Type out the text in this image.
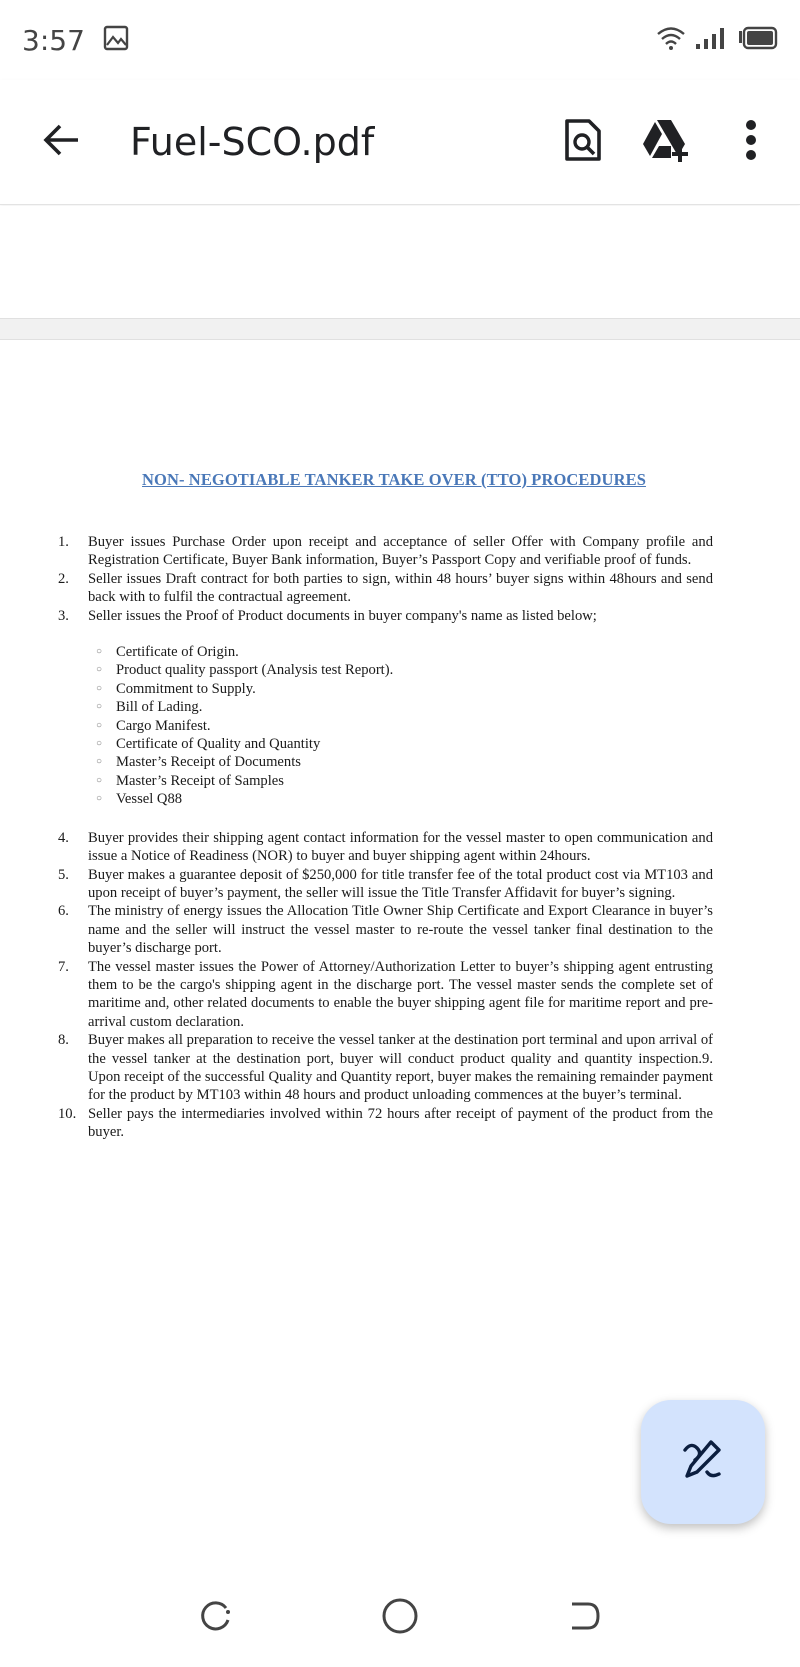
3:57
Fuel-SCO.pdf
NON- NEGOTIABLE TANKER TAKE OVER (TTO) PROCEDURES
1.	Buyer issues Purchase Order upon receipt and acceptance of seller Offer with Company profile and Registration Certificate, Buyer Bank information, Buyer’s Passport Copy and verifiable proof of funds.
2.	Seller issues Draft contract for both parties to sign, within 48 hours’ buyer signs within 48hours and send back with to fulfil the contractual agreement.
3.	Seller issues the Proof of Product documents in buyer company's name as listed below;
○ Certificate of Origin.
○ Product quality passport (Analysis test Report).
○ Commitment to Supply.
○ Bill of Lading.
○ Cargo Manifest.
○ Certificate of Quality and Quantity
○ Master’s Receipt of Documents
○ Master’s Receipt of Samples
○ Vessel Q88
4.	Buyer provides their shipping agent contact information for the vessel master to open communication and issue a Notice of Readiness (NOR) to buyer and buyer shipping agent within 24hours.
5.	Buyer makes a guarantee deposit of $250,000 for title transfer fee of the total product cost via MT103 and upon receipt of buyer’s payment, the seller will issue the Title Transfer Affidavit for buyer’s signing.
6.	The ministry of energy issues the Allocation Title Owner Ship Certificate and Export Clearance in buyer’s name and the seller will instruct the vessel master to re-route the vessel tanker final destination to the buyer’s discharge port.
7.	The vessel master issues the Power of Attorney/Authorization Letter to buyer’s shipping agent entrusting them to be the cargo's shipping agent in the discharge port. The vessel master sends the complete set of maritime and, other related documents to enable the buyer shipping agent file for maritime report and pre-arrival custom declaration.
8.	Buyer makes all preparation to receive the vessel tanker at the destination port terminal and upon arrival of the vessel tanker at the destination port, buyer will conduct product quality and quantity inspection.9. Upon receipt of the successful Quality and Quantity report, buyer makes the remaining remainder payment for the product by MT103 within 48 hours and product unloading commences at the buyer’s terminal.
10. Seller pays the intermediaries involved within 72 hours after receipt of payment of the product from the buyer.
